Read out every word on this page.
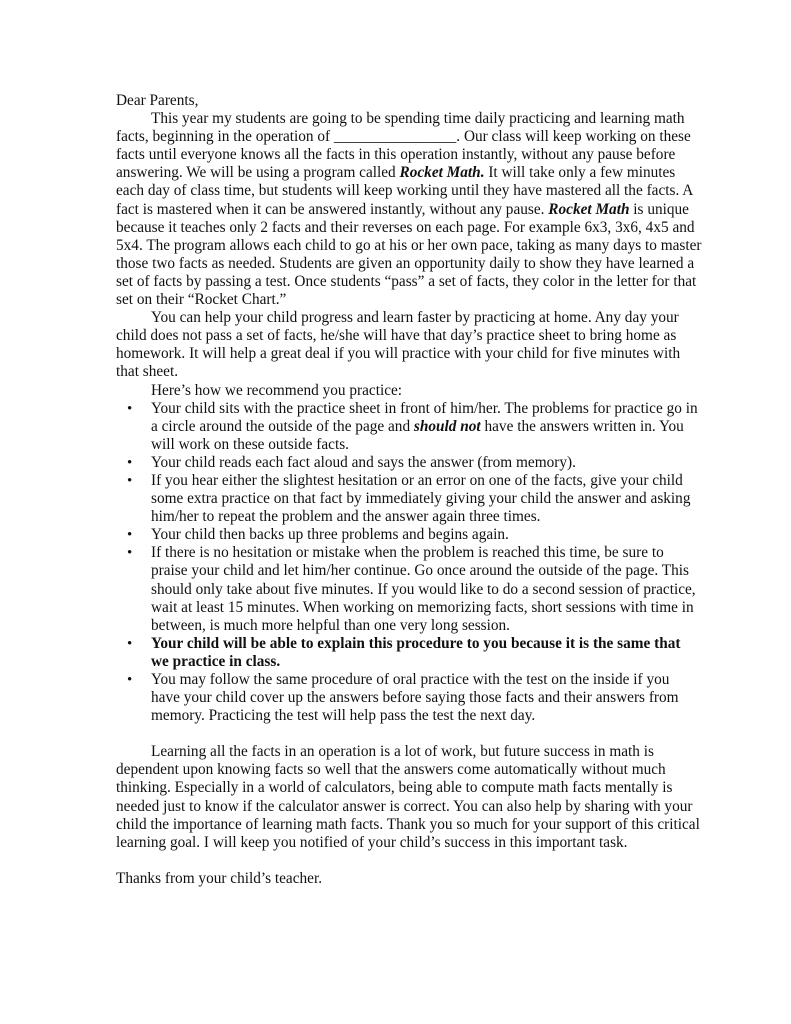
Dear Parents,

This year my students are going to be spending time daily practicing and learning math facts, beginning in the operation of ________________. Our class will keep working on these facts until everyone knows all the facts in this operation instantly, without any pause before answering. We will be using a program called Rocket Math. It will take only a few minutes each day of class time, but students will keep working until they have mastered all the facts. A fact is mastered when it can be answered instantly, without any pause. Rocket Math is unique because it teaches only 2 facts and their reverses on each page. For example 6x3, 3x6, 4x5 and 5x4. The program allows each child to go at his or her own pace, taking as many days to master those two facts as needed. Students are given an opportunity daily to show they have learned a set of facts by passing a test. Once students “pass” a set of facts, they color in the letter for that set on their “Rocket Chart.”

You can help your child progress and learn faster by practicing at home. Any day your child does not pass a set of facts, he/she will have that day’s practice sheet to bring home as homework. It will help a great deal if you will practice with your child for five minutes with that sheet.

Here’s how we recommend you practice:

• Your child sits with the practice sheet in front of him/her. The problems for practice go in a circle around the outside of the page and should not have the answers written in. You will work on these outside facts.
• Your child reads each fact aloud and says the answer (from memory).
• If you hear either the slightest hesitation or an error on one of the facts, give your child some extra practice on that fact by immediately giving your child the answer and asking him/her to repeat the problem and the answer again three times.
• Your child then backs up three problems and begins again.
• If there is no hesitation or mistake when the problem is reached this time, be sure to praise your child and let him/her continue. Go once around the outside of the page. This should only take about five minutes. If you would like to do a second session of practice, wait at least 15 minutes. When working on memorizing facts, short sessions with time in between, is much more helpful than one very long session.
• Your child will be able to explain this procedure to you because it is the same that we practice in class.
• You may follow the same procedure of oral practice with the test on the inside if you have your child cover up the answers before saying those facts and their answers from memory. Practicing the test will help pass the test the next day.

Learning all the facts in an operation is a lot of work, but future success in math is dependent upon knowing facts so well that the answers come automatically without much thinking. Especially in a world of calculators, being able to compute math facts mentally is needed just to know if the calculator answer is correct. You can also help by sharing with your child the importance of learning math facts. Thank you so much for your support of this critical learning goal. I will keep you notified of your child’s success in this important task.

Thanks from your child’s teacher.
